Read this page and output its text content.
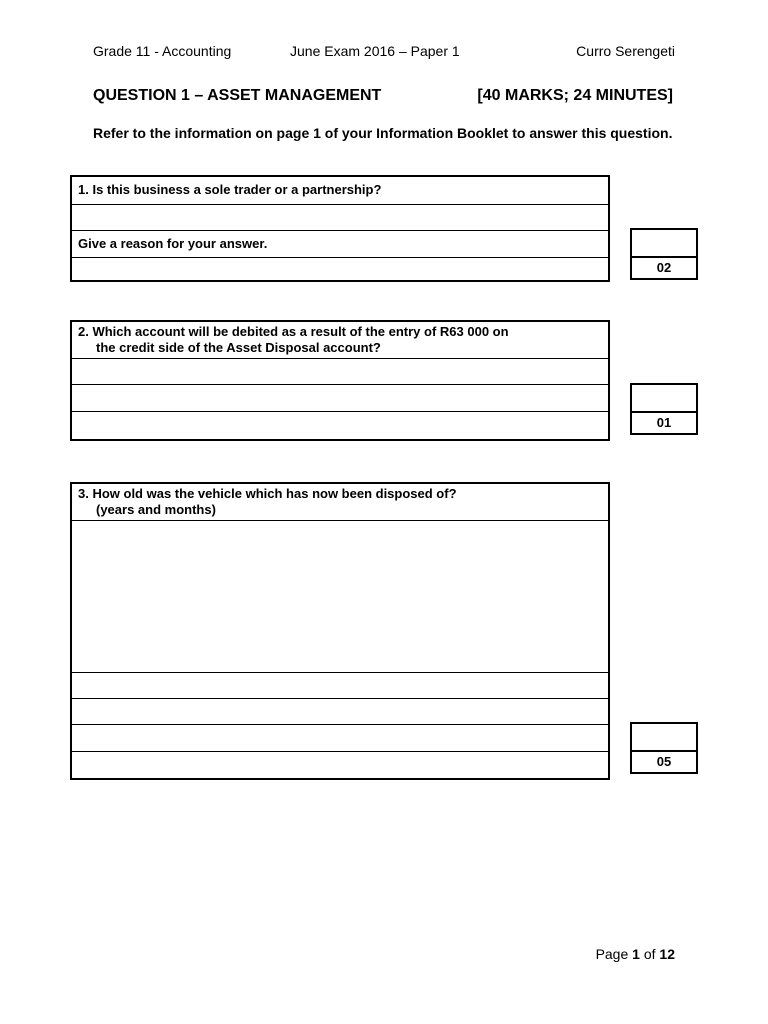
Grade 11 - Accounting	June Exam 2016 – Paper 1	Curro Serengeti
QUESTION 1 – ASSET MANAGEMENT	[40 MARKS; 24 MINUTES]
Refer to the information on page 1 of your Information Booklet to answer this question.
1. Is this business a sole trader or a partnership?
Give a reason for your answer.
02
2. Which account will be debited as a result of the entry of R63 000 on
the credit side of the Asset Disposal account?
01
3. How old was the vehicle which has now been disposed of?
(years and months)
05
Page 1 of 12
